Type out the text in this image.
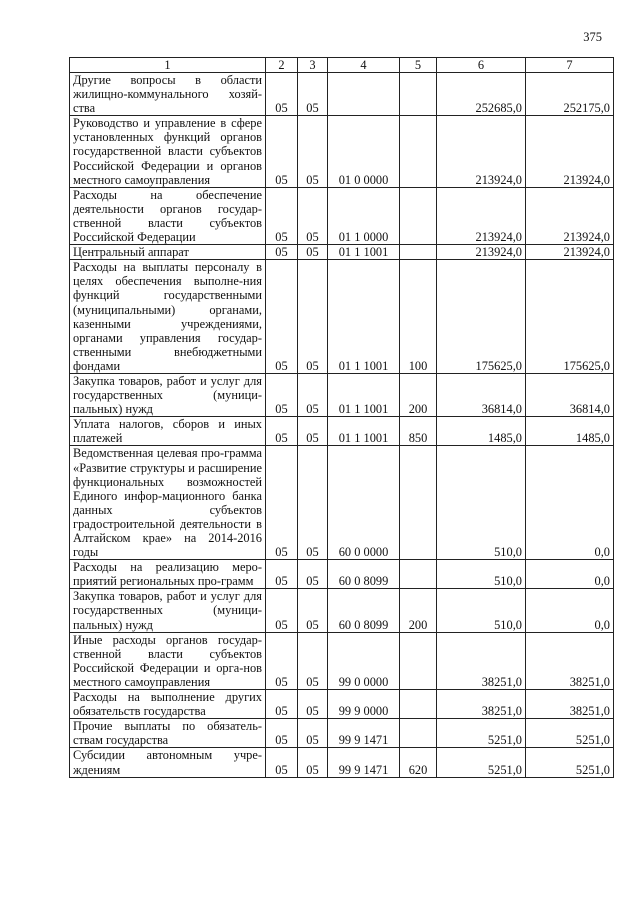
375
1	2	3	4	5	6	7
Другие вопросы в области жилищно-коммунального хозяй-ства	05	05			252685,0	252175,0
Руководство и управление в сфере установленных функций органов государственной власти субъектов Российской Федерации и органов местного самоуправления	05	05	01 0 0000		213924,0	213924,0
Расходы на обеспечение деятельности органов государ-ственной власти субъектов Российской Федерации	05	05	01 1 0000		213924,0	213924,0
Центральный аппарат	05	05	01 1 1001		213924,0	213924,0
Расходы на выплаты персоналу в целях обеспечения выполне-ния функций государственными (муниципальными) органами, казенными учреждениями, органами управления государ-ственными внебюджетными фондами	05	05	01 1 1001	100	175625,0	175625,0
Закупка товаров, работ и услуг для государственных (муници-пальных) нужд	05	05	01 1 1001	200	36814,0	36814,0
Уплата налогов, сборов и иных платежей	05	05	01 1 1001	850	1485,0	1485,0
Ведомственная целевая про-грамма «Развитие структуры и расширение функциональных возможностей Единого инфор-мационного банка данных субъектов градостроительной деятельности в Алтайском крае» на 2014-2016 годы	05	05	60 0 0000		510,0	0,0
Расходы на реализацию меро-приятий региональных про-грамм	05	05	60 0 8099		510,0	0,0
Закупка товаров, работ и услуг для государственных (муници-пальных) нужд	05	05	60 0 8099	200	510,0	0,0
Иные расходы органов государ-ственной власти субъектов Российской Федерации и орга-нов местного самоуправления	05	05	99 0 0000		38251,0	38251,0
Расходы на выполнение других обязательств государства	05	05	99 9 0000		38251,0	38251,0
Прочие выплаты по обязатель-ствам государства	05	05	99 9 1471		5251,0	5251,0
Субсидии автономным учре-ждениям	05	05	99 9 1471	620	5251,0	5251,0
